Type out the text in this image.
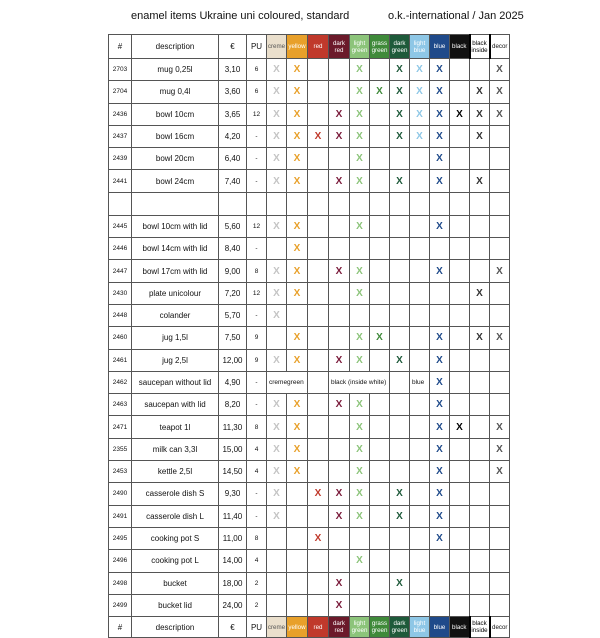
enamel items Ukraine uni coloured, standard	o.k.-international / Jan 2025
#	description	€	PU	creme	yellow	red	dark red	light green	grass green	dark green	light blue	blue	black	black inside	decor
2703	mug 0,25l	3,10	6	X	X			X		X	X	X			X
2704	mug 0,4l	3,60	6	X	X			X	X	X	X	X		X	X
2436	bowl 10cm	3,65	12	X	X		X	X		X	X	X	X	X	X
2437	bowl 16cm	4,20	-	X	X	X	X	X		X	X	X		X	
2439	bowl 20cm	6,40	-	X	X			X				X			
2441	bowl 24cm	7,40	-	X	X		X	X		X		X		X	

2445	bowl 10cm with lid	5,60	12	X	X			X				X			
2446	bowl 14cm with lid	8,40	-		X										
2447	bowl 17cm with lid	9,00	8	X	X		X	X				X			X
2430	plate unicolour	7,20	12	X	X			X						X	
2448	colander	5,70	-	X											
2460	jug 1,5l	7,50	9		X			X	X			X		X	X
2461	jug 2,5l	12,00	9	X	X		X	X		X		X			
2462	saucepan without lid	4,90	-	cremegreen			black (inside white)				blue	X			
2463	saucepan with lid	8,20	-	X	X		X	X				X			
2471	teapot 1l	11,30	8	X	X			X				X	X		X
2355	milk can 3,3l	15,00	4	X	X			X				X			X
2453	kettle 2,5l	14,50	4	X	X			X				X			X
2490	casserole dish S	9,30	-	X		X	X	X		X		X			
2491	casserole dish L	11,40	-	X			X	X		X		X			
2495	cooking pot S	11,00	8			X						X			
2496	cooking pot L	14,00	4					X							
2498	bucket	18,00	2				X			X					
2499	bucket lid	24,00	2				X								
#	description	€	PU	creme	yellow	red	dark red	light green	grass green	dark green	light blue	blue	black	black inside	decor
